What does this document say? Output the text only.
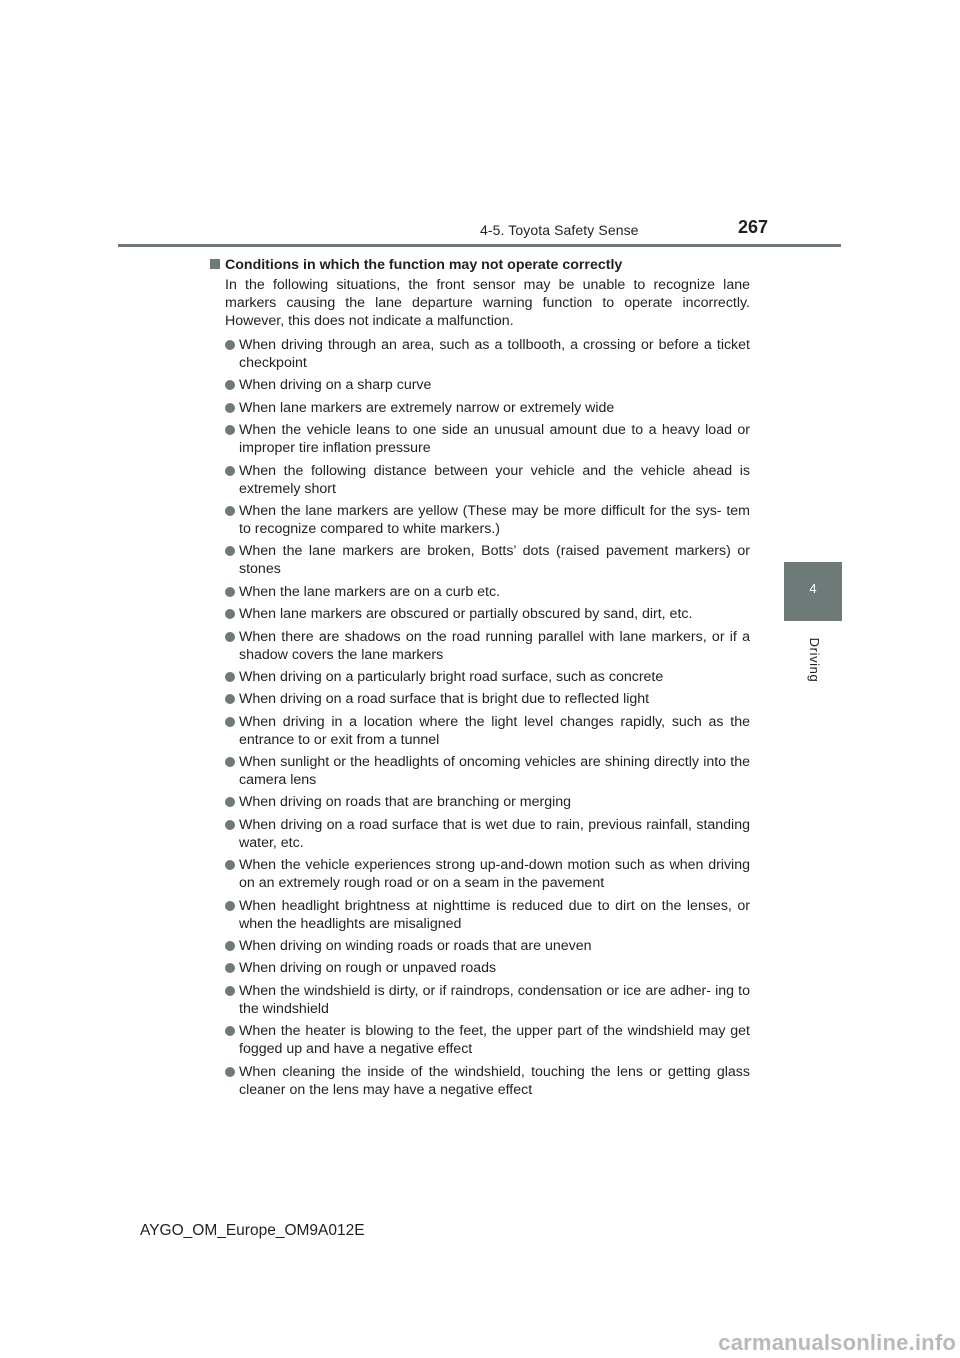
4-5. Toyota Safety Sense	267
4
Driving
Conditions in which the function may not operate correctly
In the following situations, the front sensor may be unable to recognize lane markers causing the lane departure warning function to operate incorrectly. However, this does not indicate a malfunction.
When driving through an area, such as a tollbooth, a crossing or before a ticket checkpoint
When driving on a sharp curve
When lane markers are extremely narrow or extremely wide
When the vehicle leans to one side an unusual amount due to a heavy load or improper tire inflation pressure
When the following distance between your vehicle and the vehicle ahead is extremely short
When the lane markers are yellow (These may be more difficult for the sys- tem to recognize compared to white markers.)
When the lane markers are broken, Botts’ dots (raised pavement markers) or stones
When the lane markers are on a curb etc.
When lane markers are obscured or partially obscured by sand, dirt, etc.
When there are shadows on the road running parallel with lane markers, or if a shadow covers the lane markers
When driving on a particularly bright road surface, such as concrete
When driving on a road surface that is bright due to reflected light
When driving in a location where the light level changes rapidly, such as the entrance to or exit from a tunnel
When sunlight or the headlights of oncoming vehicles are shining directly into the camera lens
When driving on roads that are branching or merging
When driving on a road surface that is wet due to rain, previous rainfall, standing water, etc.
When the vehicle experiences strong up-and-down motion such as when driving on an extremely rough road or on a seam in the pavement
When headlight brightness at nighttime is reduced due to dirt on the lenses, or when the headlights are misaligned
When driving on winding roads or roads that are uneven
When driving on rough or unpaved roads
When the windshield is dirty, or if raindrops, condensation or ice are adher- ing to the windshield
When the heater is blowing to the feet, the upper part of the windshield may get fogged up and have a negative effect
When cleaning the inside of the windshield, touching the lens or getting glass cleaner on the lens may have a negative effect
AYGO_OM_Europe_OM9A012E
carmanualsonline.info
